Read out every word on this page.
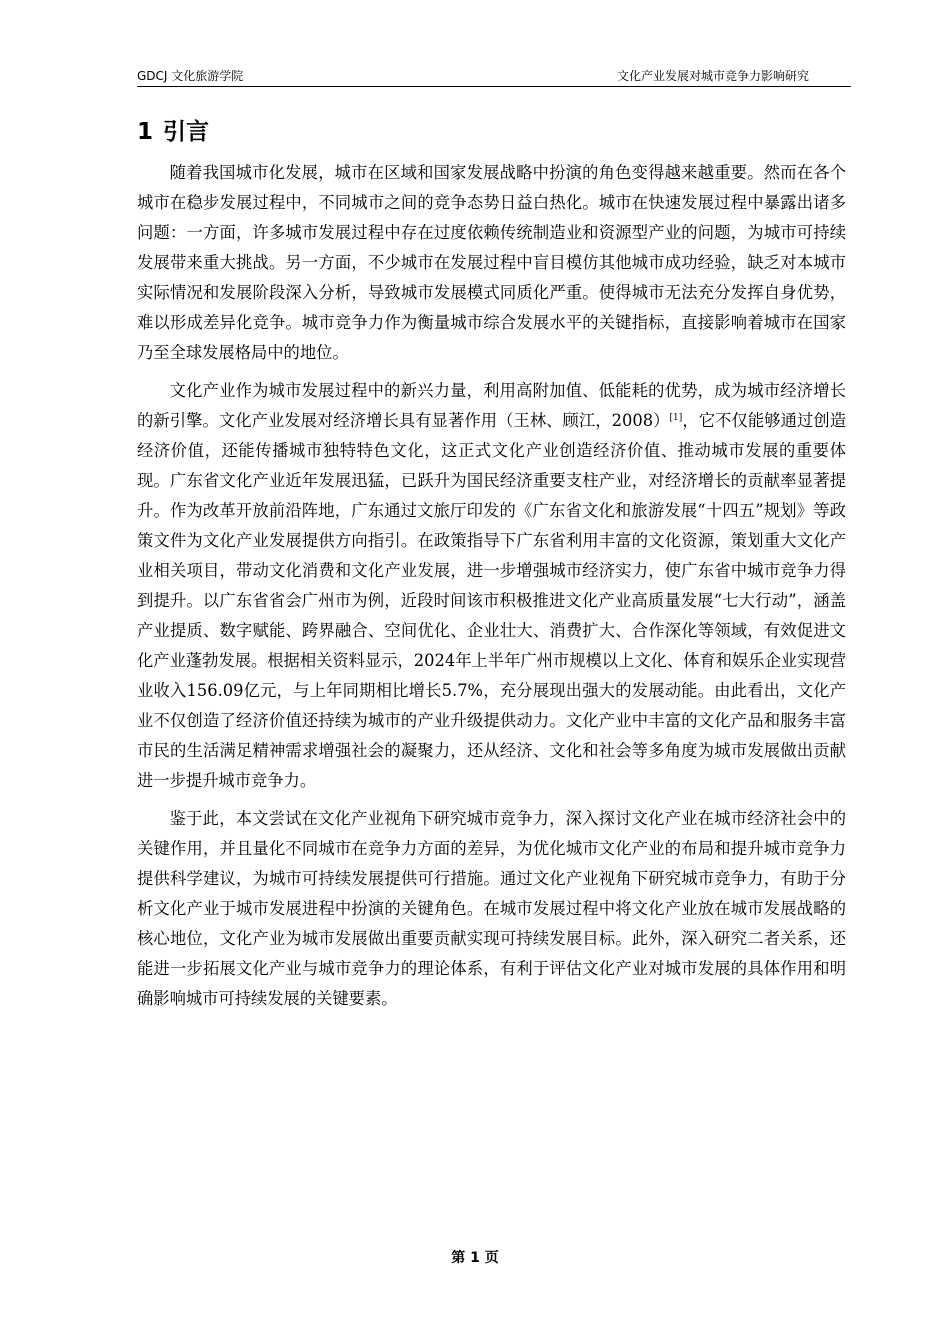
GDCJ 文化旅游学院	文化产业发展对城市竞争力影响研究
1 引言

随着我国城市化发展，城市在区域和国家发展战略中扮演的角色变得越来越重要。然而在各个城市在稳步发展过程中，不同城市之间的竞争态势日益白热化。城市在快速发展过程中暴露出诸多问题：一方面，许多城市发展过程中存在过度依赖传统制造业和资源型产业的问题，为城市可持续发展带来重大挑战。另一方面，不少城市在发展过程中盲目模仿其他城市成功经验，缺乏对本城市实际情况和发展阶段深入分析，导致城市发展模式同质化严重。使得城市无法充分发挥自身优势，难以形成差异化竞争。城市竞争力作为衡量城市综合发展水平的关键指标，直接影响着城市在国家乃至全球发展格局中的地位。

文化产业作为城市发展过程中的新兴力量，利用高附加值、低能耗的优势，成为城市经济增长的新引擎。文化产业发展对经济增长具有显著作用（王林、顾江，2008）[1]，它不仅能够通过创造经济价值，还能传播城市独特特色文化，这正式文化产业创造经济价值、推动城市发展的重要体现。广东省文化产业近年发展迅猛，已跃升为国民经济重要支柱产业，对经济增长的贡献率显著提升。作为改革开放前沿阵地，广东通过文旅厅印发的《广东省文化和旅游发展“十四五”规划》等政策文件为文化产业发展提供方向指引。在政策指导下广东省利用丰富的文化资源，策划重大文化产业相关项目，带动文化消费和文化产业发展，进一步增强城市经济实力，使广东省中城市竞争力得到提升。以广东省省会广州市为例，近段时间该市积极推进文化产业高质量发展“七大行动”，涵盖产业提质、数字赋能、跨界融合、空间优化、企业壮大、消费扩大、合作深化等领域，有效促进文化产业蓬勃发展。根据相关资料显示，2024年上半年广州市规模以上文化、体育和娱乐企业实现营业收入156.09亿元，与上年同期相比增长5.7%，充分展现出强大的发展动能。由此看出，文化产业不仅创造了经济价值还持续为城市的产业升级提供动力。文化产业中丰富的文化产品和服务丰富市民的生活满足精神需求增强社会的凝聚力，还从经济、文化和社会等多角度为城市发展做出贡献进一步提升城市竞争力。

鉴于此，本文尝试在文化产业视角下研究城市竞争力，深入探讨文化产业在城市经济社会中的关键作用，并且量化不同城市在竞争力方面的差异，为优化城市文化产业的布局和提升城市竞争力提供科学建议，为城市可持续发展提供可行措施。通过文化产业视角下研究城市竞争力，有助于分析文化产业于城市发展进程中扮演的关键角色。在城市发展过程中将文化产业放在城市发展战略的核心地位，文化产业为城市发展做出重要贡献实现可持续发展目标。此外，深入研究二者关系，还能进一步拓展文化产业与城市竞争力的理论体系，有利于评估文化产业对城市发展的具体作用和明确影响城市可持续发展的关键要素。

第 1 页
